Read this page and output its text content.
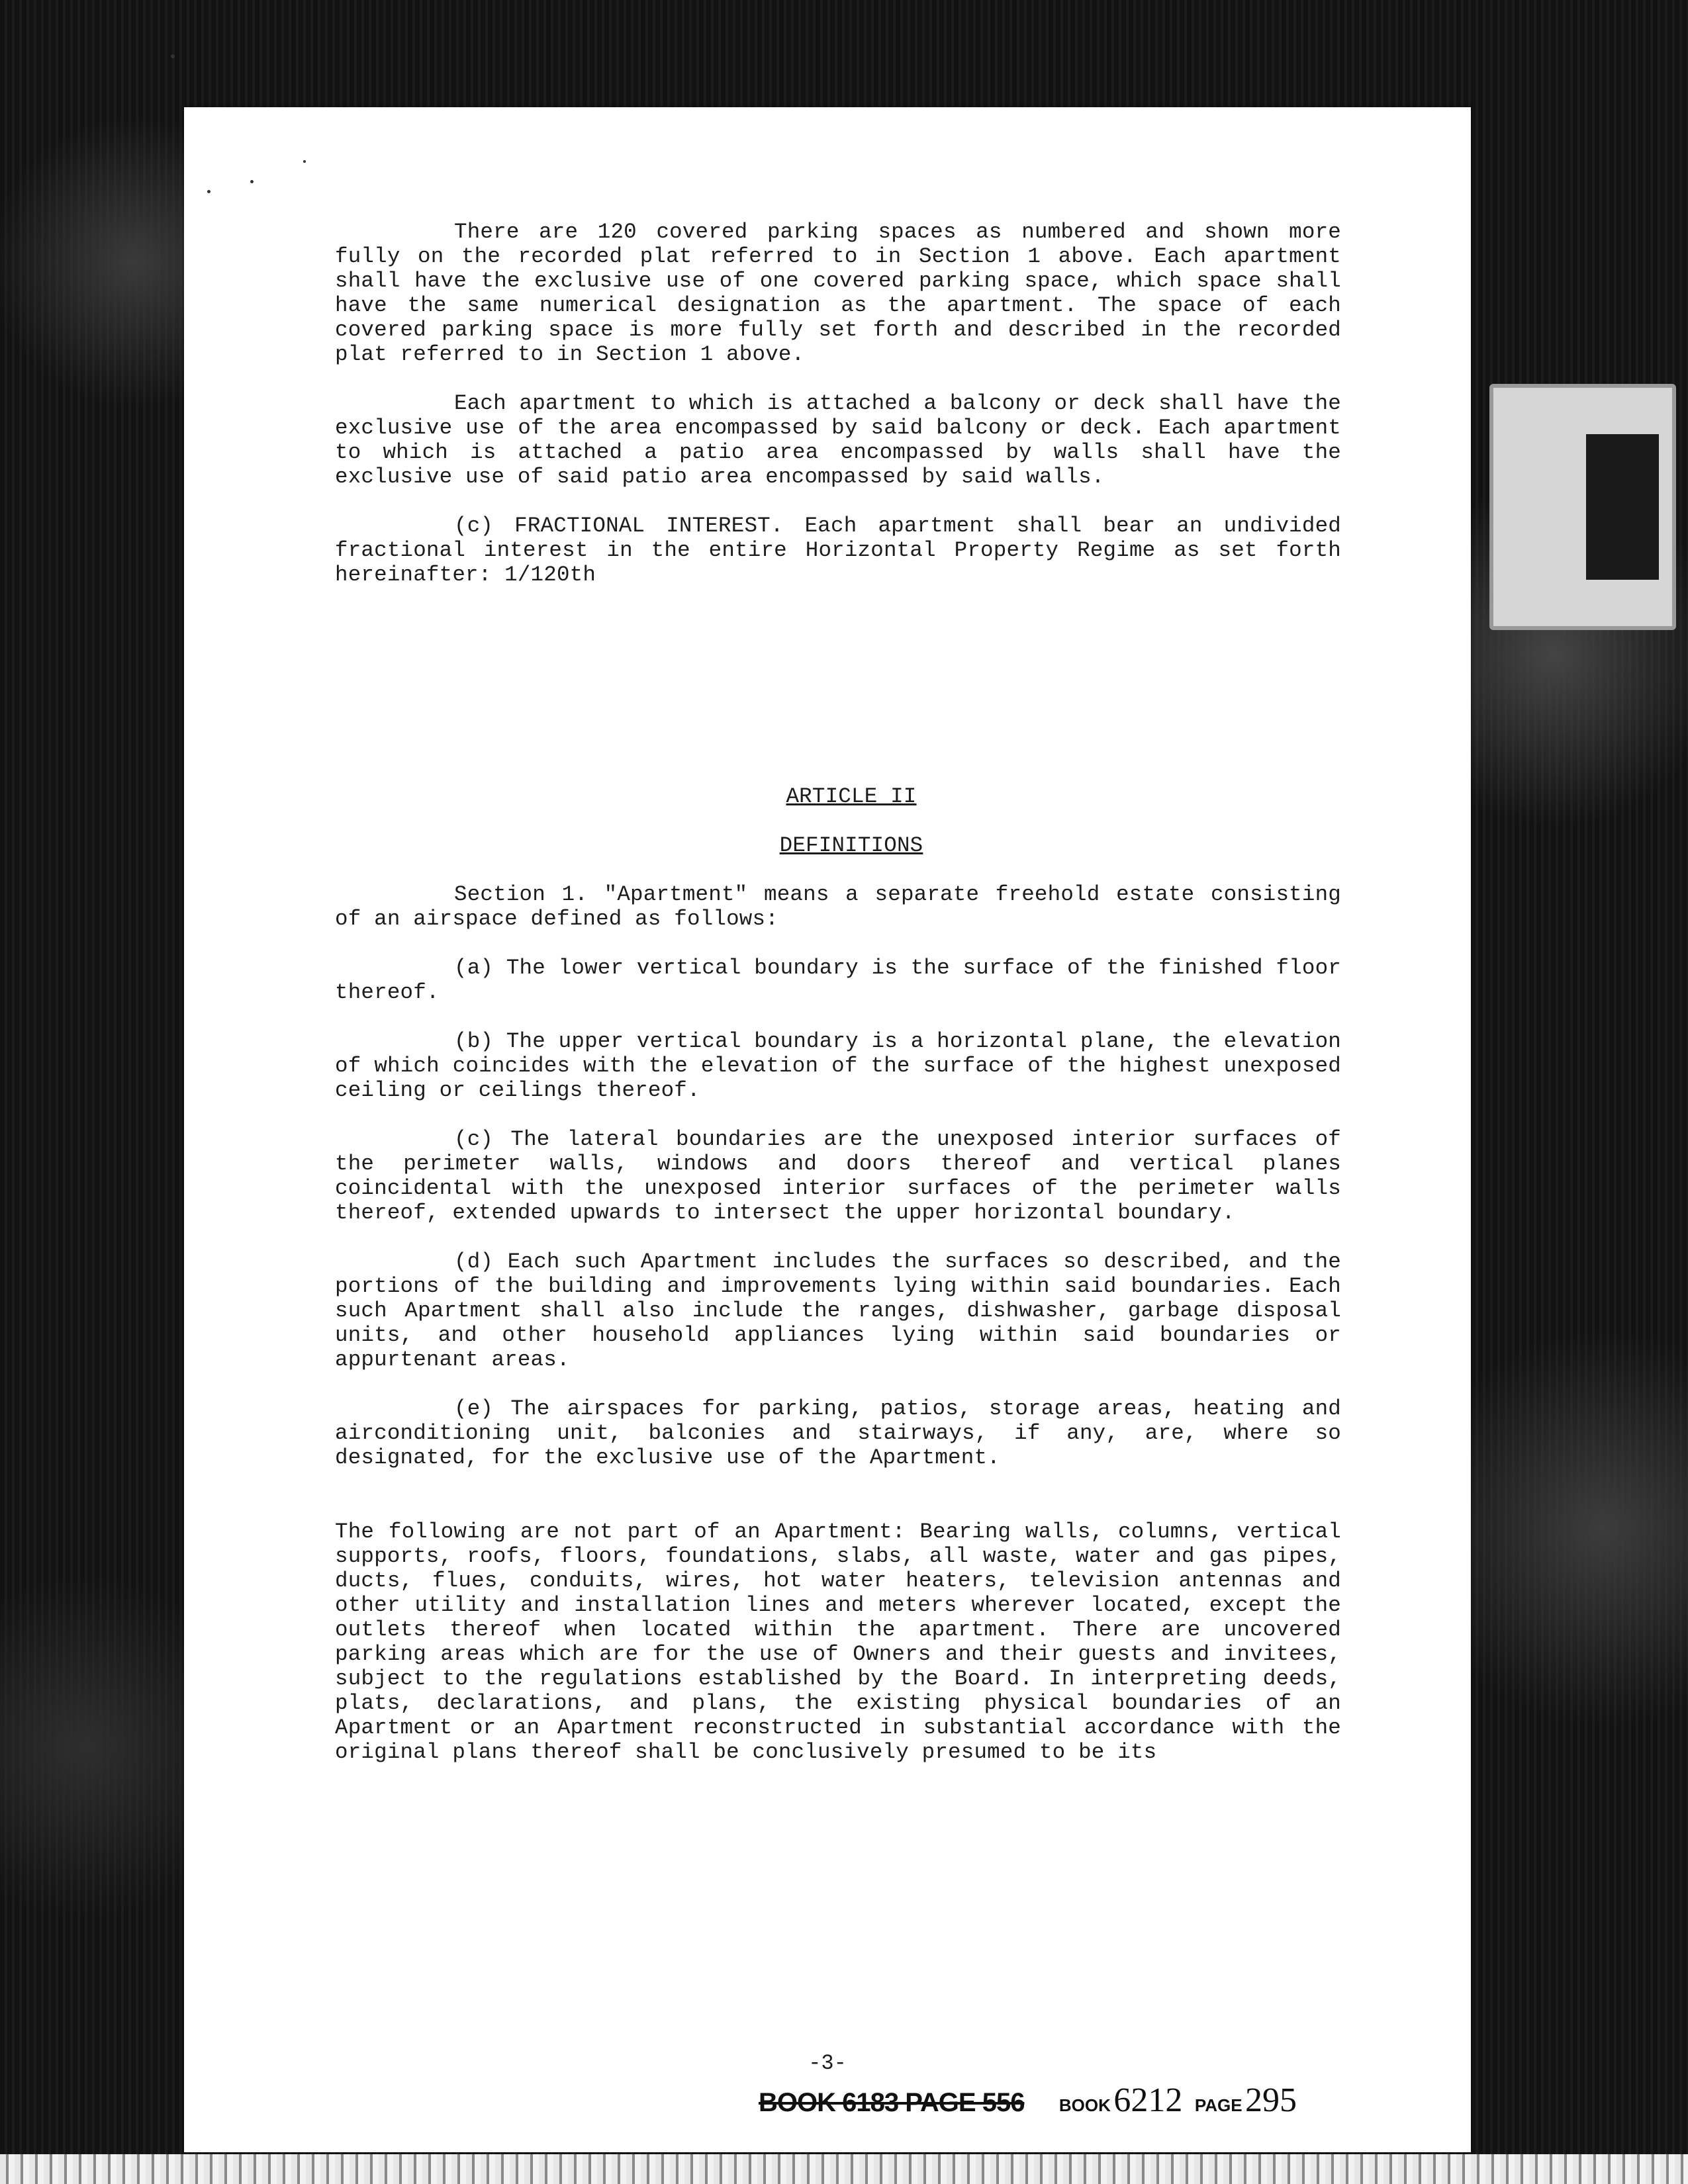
There are 120 covered parking spaces as numbered and shown more fully on the recorded plat referred to in Section 1 above. Each apartment shall have the exclusive use of one covered parking space, which space shall have the same numerical designation as the apartment. The space of each covered parking space is more fully set forth and described in the recorded plat referred to in Section 1 above.

Each apartment to which is attached a balcony or deck shall have the exclusive use of the area encompassed by said balcony or deck. Each apartment to which is attached a patio area encompassed by walls shall have the exclusive use of said patio area encompassed by said walls.

(c) FRACTIONAL INTEREST. Each apartment shall bear an undivided fractional interest in the entire Horizontal Property Regime as set forth hereinafter: 1/120th

ARTICLE II

DEFINITIONS

Section 1. "Apartment" means a separate freehold estate consisting of an airspace defined as follows:

(a) The lower vertical boundary is the surface of the finished floor thereof.

(b) The upper vertical boundary is a horizontal plane, the elevation of which coincides with the elevation of the surface of the highest unexposed ceiling or ceilings thereof.

(c) The lateral boundaries are the unexposed interior surfaces of the perimeter walls, windows and doors thereof and vertical planes coincidental with the unexposed interior surfaces of the perimeter walls thereof, extended upwards to intersect the upper horizontal boundary.

(d) Each such Apartment includes the surfaces so described, and the portions of the building and improvements lying within said boundaries. Each such Apartment shall also include the ranges, dishwasher, garbage disposal units, and other household appliances lying within said boundaries or appurtenant areas.

(e) The airspaces for parking, patios, storage areas, heating and airconditioning unit, balconies and stairways, if any, are, where so designated, for the exclusive use of the Apartment.

The following are not part of an Apartment: Bearing walls, columns, vertical supports, roofs, floors, foundations, slabs, all waste, water and gas pipes, ducts, flues, conduits, wires, hot water heaters, television antennas and other utility and installation lines and meters wherever located, except the outlets thereof when located within the apartment. There are uncovered parking areas which are for the use of Owners and their guests and invitees, subject to the regulations established by the Board. In interpreting deeds, plats, declarations, and plans, the existing physical boundaries of an Apartment or an Apartment reconstructed in substantial accordance with the original plans thereof shall be conclusively presumed to be its

-3-
BOOK 6183 PAGE 556 BOOK 6212 PAGE 295
